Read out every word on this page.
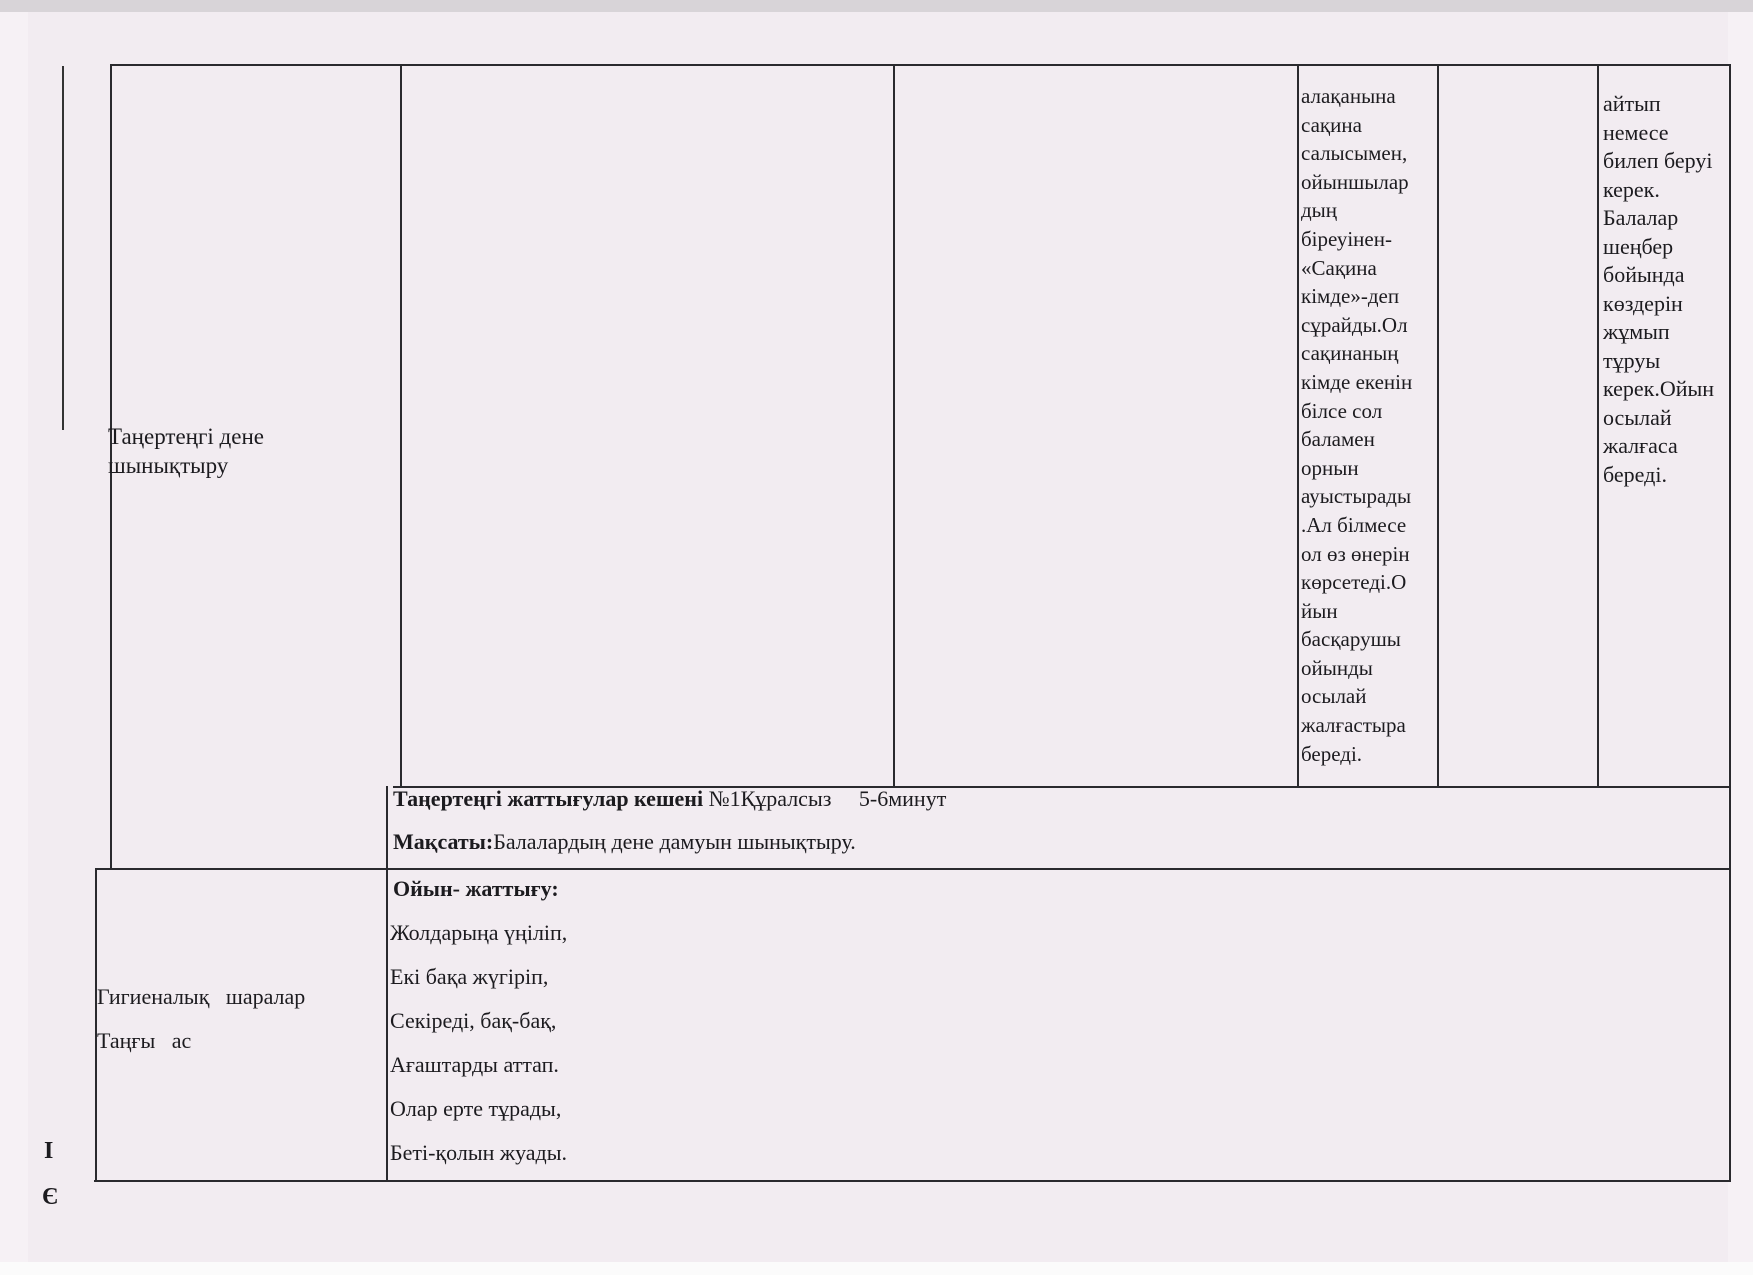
Таңертеңгі дене
шынықтыру
алақанына
сақина
салысымен,
ойыншылар
дың
біреуінен-
«Сақина
кімде»-деп
сұрайды.Ол
сақинаның
кімде екенін
білсе сол
баламен
орнын
ауыстырады
.Ал білмесе
ол өз өнерін
көрсетеді.О
йын
басқарушы
ойынды
осылай
жалғастыра
береді.
айтып
немесе
билеп беруі
керек.
Балалар
шеңбер
бойында
көздерін
жұмып
тұруы
керек.Ойын
осылай
жалғаса
береді.
Таңертеңгі жаттығулар кешені №1Құралсыз     5-6минут
Мақсаты:Балалардың дене дамуын шынықтыру.
Гигиеналық   шаралар
Таңғы   ас
Ойын- жаттығу:
Жолдарыңа үңіліп,
Екі бақа жүгіріп,
Секіреді, бақ-бақ,
Ағаштарды аттап.
Олар ерте тұрады,
Беті-қолын жуады.
І
Є
